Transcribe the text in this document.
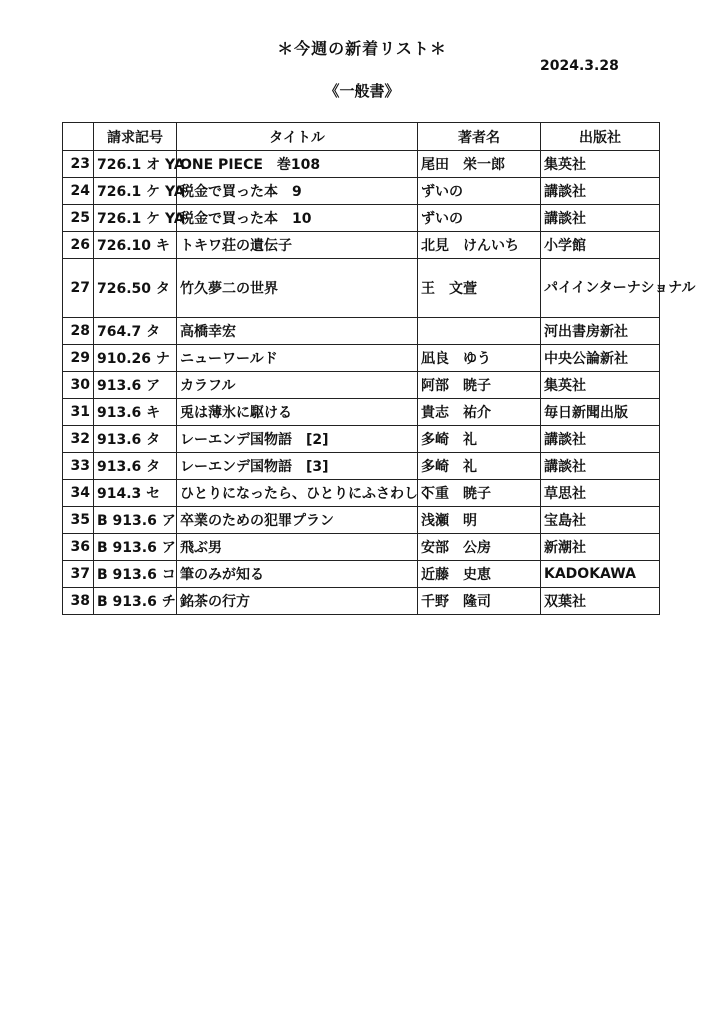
＊今週の新着リスト＊
2024.3.28
《一般書》
	請求記号	タイトル	著者名	出版社
23	726.1 オ YA	ONE PIECE　巻108	尾田　栄一郎	集英社
24	726.1 ケ YA	税金で買った本　9	ずいの	講談社
25	726.1 ケ YA	税金で買った本　10	ずいの	講談社
26	726.10 キ	トキワ荘の遺伝子	北見　けんいち	小学館
27	726.50 タ	竹久夢二の世界	王　文萱	パイインターナショナル
28	764.7 タ	高橋幸宏		河出書房新社
29	910.26 ナ	ニューワールド	凪良　ゆう	中央公論新社
30	913.6 ア	カラフル	阿部　暁子	集英社
31	913.6 キ	兎は薄氷に駆ける	貴志　祐介	毎日新聞出版
32	913.6 タ	レーエンデ国物語　[2]	多崎　礼	講談社
33	913.6 タ	レーエンデ国物語　[3]	多崎　礼	講談社
34	914.3 セ	ひとりになったら、ひとりにふさわしく	下重　暁子	草思社
35	B 913.6 ア	卒業のための犯罪プラン	浅瀬　明	宝島社
36	B 913.6 ア	飛ぶ男	安部　公房	新潮社
37	B 913.6 コ	筆のみが知る	近藤　史恵	KADOKAWA
38	B 913.6 チ	銘茶の行方	千野　隆司	双葉社
